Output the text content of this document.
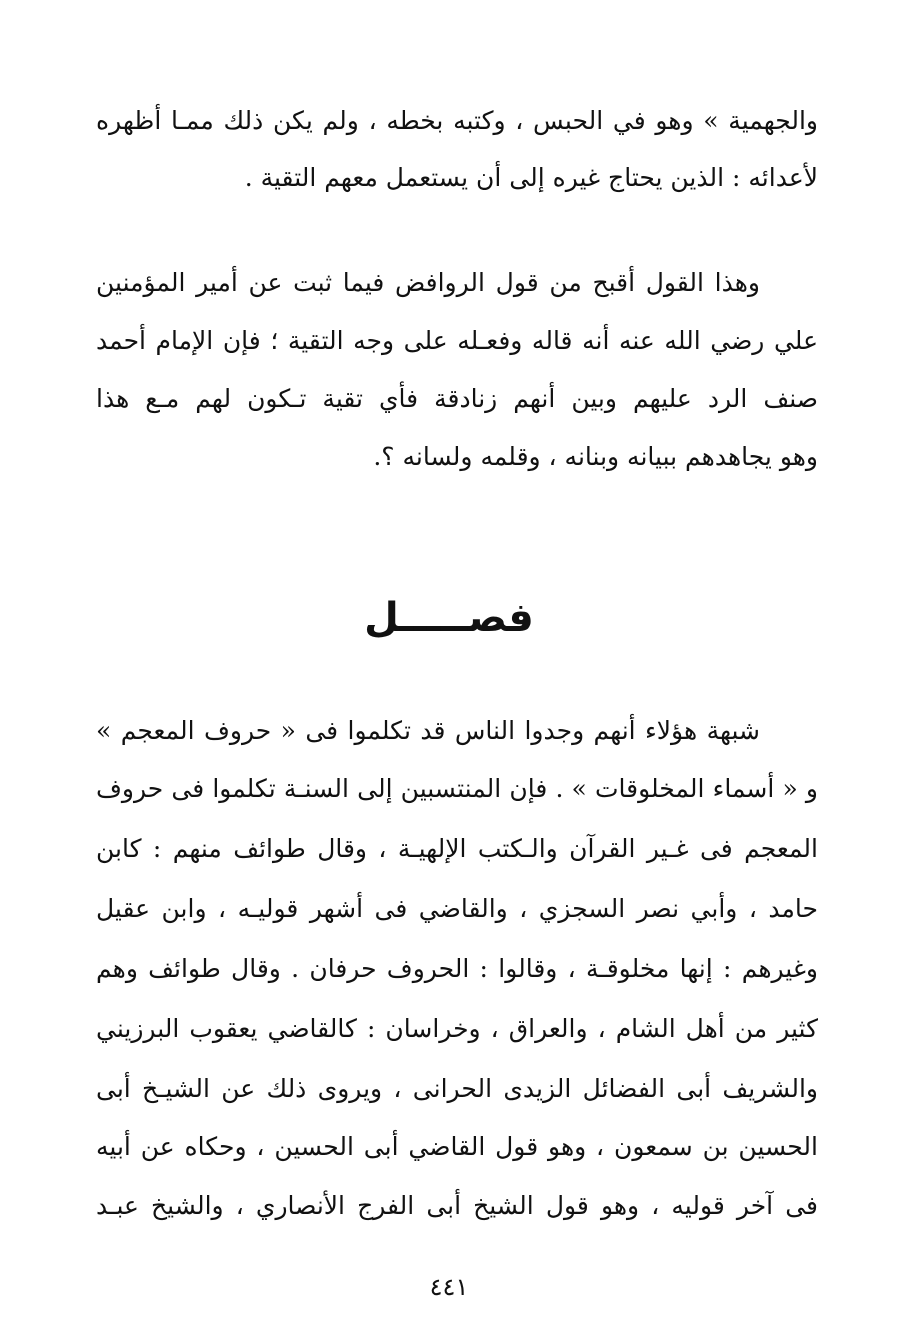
والجهمية » وهو في الحبس ، وكتبه بخطه ، ولم يكن ذلك ممـا أظهره
لأعدائه : الذين يحتاج غيره إلى أن يستعمل معهم التقية .
وهذا القول أقبح من قول الروافض فيما ثبت عن أمير المؤمنين
علي رضي الله عنه أنه قاله وفعـله على وجه التقية ؛ فإن الإمام أحمد
صنف الرد عليهم وبين أنهم زنادقة فأي تقية تـكون لهم مـع هذا
وهو يجاهدهم ببيانه وبنانه ، وقلمه ولسانه ؟.
فصـــــل
شبهة هؤلاء أنهم وجدوا الناس قد تكلموا فى « حروف المعجم »
و « أسماء المخلوقات » . فإن المنتسبين إلى السنـة تكلموا فى حروف
المعجم فى غـير القرآن والـكتب الإلهيـة ، وقال طوائف منهم : كابن
حامد ، وأبي نصر السجزي ، والقاضي فى أشهر قوليـه ، وابن عقيل
وغيرهم : إنها مخلوقـة ، وقالوا : الحروف حرفان . وقال طوائف وهم
كثير من أهل الشام ، والعراق ، وخراسان : كالقاضي يعقوب البرزيني
والشريف أبى الفضائل الزيدى الحرانى ، ويروى ذلك عن الشيـخ أبى
الحسين بن سمعون ، وهو قول القاضي أبى الحسين ، وحكاه عن أبيه
فى آخر قوليه ، وهو قول الشيخ أبى الفرج الأنصاري ، والشيخ عبـد
٤٤١
